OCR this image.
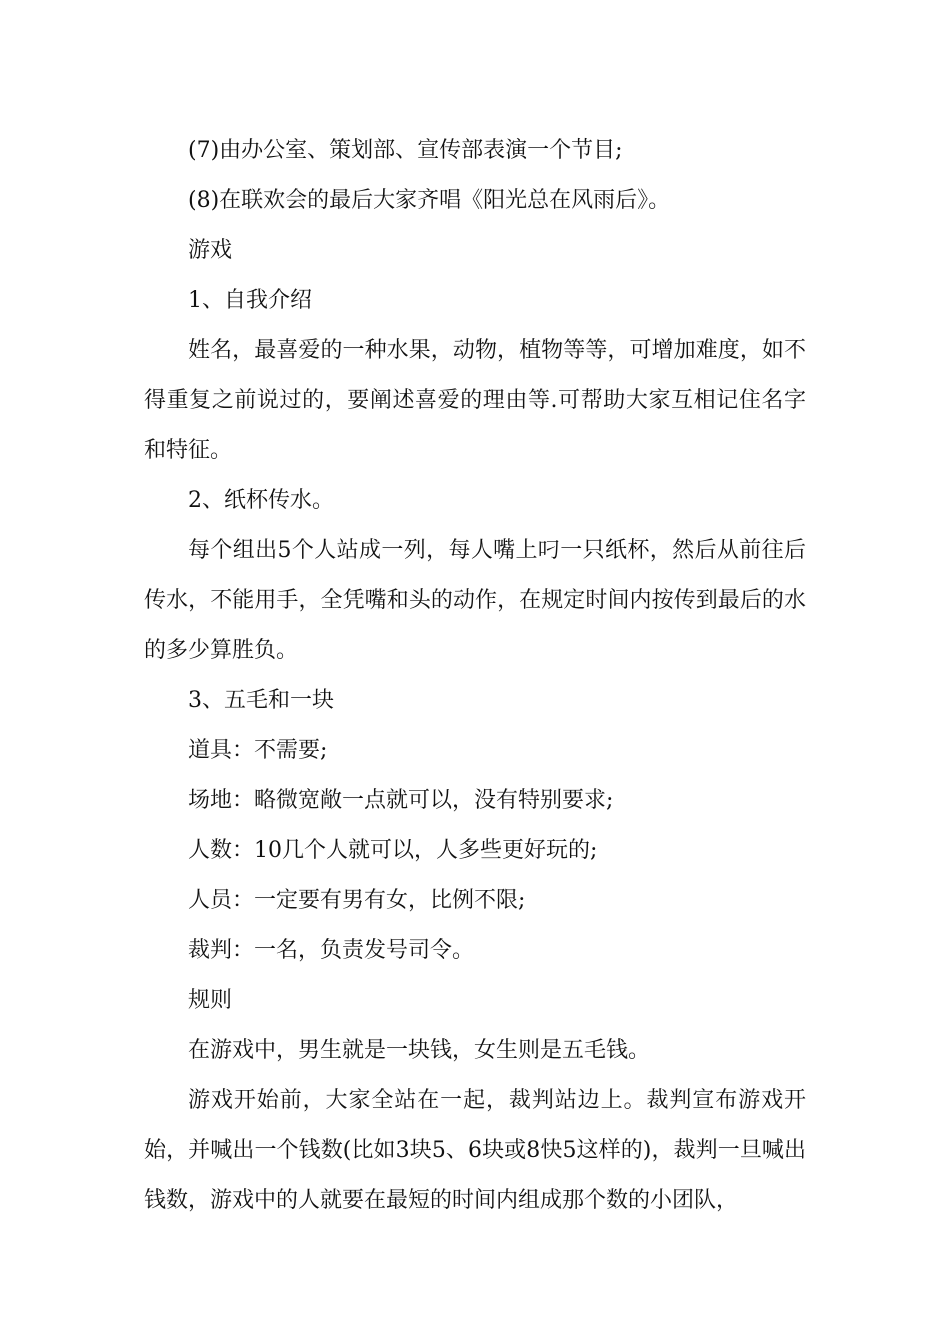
(7)由办公室、策划部、宣传部表演一个节目;

(8)在联欢会的最后大家齐唱《阳光总在风雨后》。

游戏

1、自我介绍

姓名，最喜爱的一种水果，动物，植物等等，可增加难度，如不得重复之前说过的，要阐述喜爱的理由等.可帮助大家互相记住名字和特征。

2、纸杯传水。

每个组出5个人站成一列，每人嘴上叼一只纸杯，然后从前往后传水，不能用手，全凭嘴和头的动作，在规定时间内按传到最后的水的多少算胜负。

3、五毛和一块

道具：不需要;

场地：略微宽敞一点就可以，没有特别要求;

人数：10几个人就可以，人多些更好玩的;

人员：一定要有男有女，比例不限;

裁判：一名，负责发号司令。

规则

在游戏中，男生就是一块钱，女生则是五毛钱。

游戏开始前，大家全站在一起，裁判站边上。裁判宣布游戏开始，并喊出一个钱数(比如3块5、6块或8快5这样的)，裁判一旦喊出钱数，游戏中的人就要在最短的时间内组成那个数的小团队，
